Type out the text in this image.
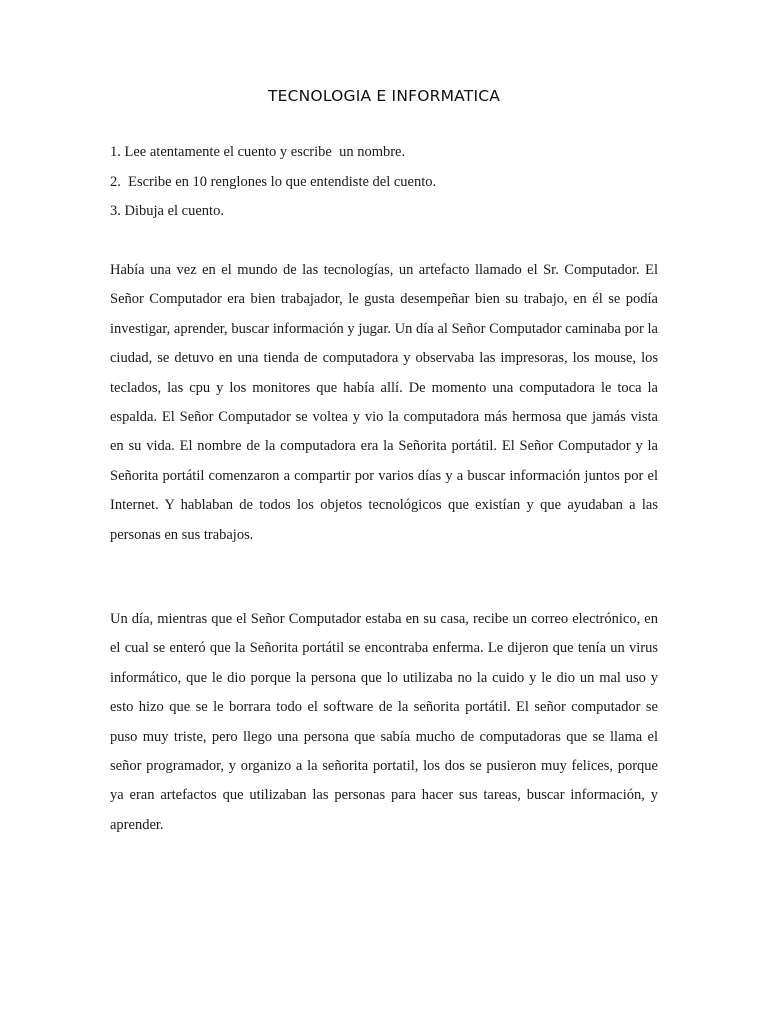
TECNOLOGIA E INFORMATICA
1. Lee atentamente el cuento y escribe  un nombre.
2.  Escribe en 10 renglones lo que entendiste del cuento.
3. Dibuja el cuento.

Había una vez en el mundo de las tecnologías, un artefacto llamado el Sr. Computador. El Señor Computador era bien trabajador, le gusta desempeñar bien su trabajo, en él se podía investigar, aprender, buscar información y jugar. Un día al Señor Computador caminaba por la ciudad, se detuvo en una tienda de computadora y observaba las impresoras, los mouse, los teclados, las cpu y los monitores que había allí. De momento una computadora le toca la espalda. El Señor Computador se voltea y vio la computadora más hermosa que jamás vista en su vida. El nombre de la computadora era la Señorita portátil. El Señor Computador y la Señorita portátil comenzaron a compartir por varios días y a buscar información juntos por el Internet. Y hablaban de todos los objetos tecnológicos que existían y que ayudaban a las personas en sus trabajos.

Un día, mientras que el Señor Computador estaba en su casa, recibe un correo electrónico, en el cual se enteró que la Señorita portátil se encontraba enferma. Le dijeron que tenía un virus informático, que le dio porque la persona que lo utilizaba no la cuido y le dio un mal uso y esto hizo que se le borrara todo el software de la señorita portátil. El señor computador se puso muy triste, pero llego una persona que sabía mucho de computadoras que se llama el señor programador, y organizo a la señorita portatil, los dos se pusieron muy felices, porque ya eran artefactos que utilizaban las personas para hacer sus tareas, buscar información, y aprender.
